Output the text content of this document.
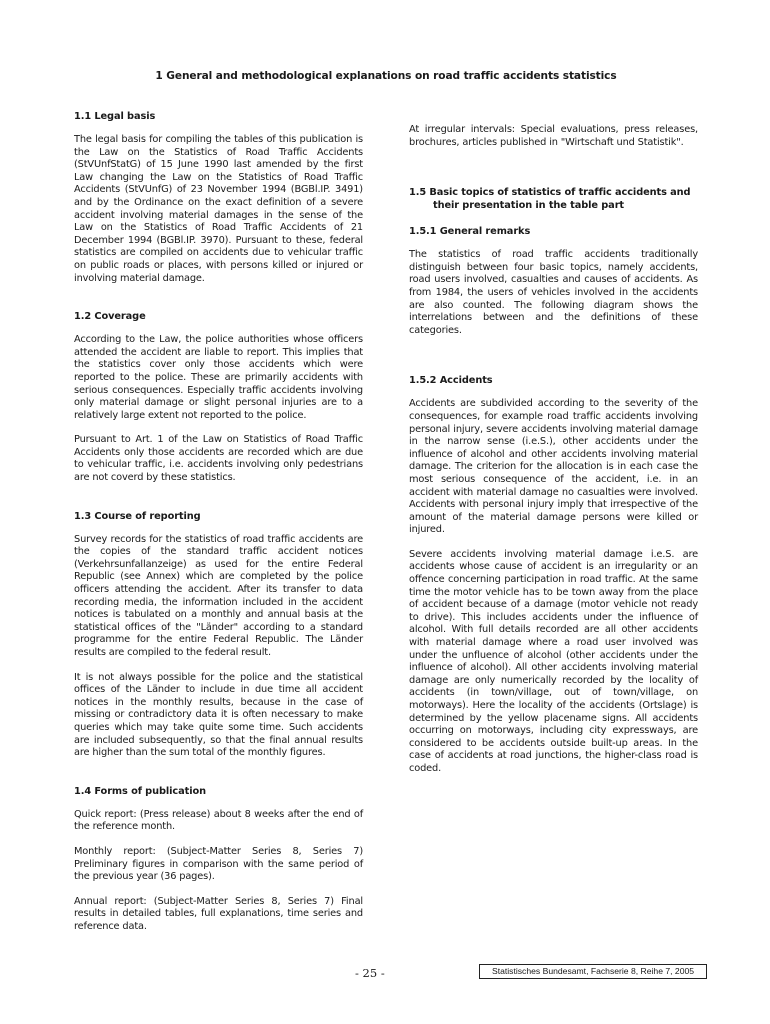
1 General and methodological explanations on road traffic accidents statistics
1.1 Legal basis

The legal basis for compiling the tables of this publication is the Law on the Statistics of Road Traffic Accidents (StVUnfStatG) of 15 June 1990 last amended by the first Law changing the Law on the Statistics of Road Traffic Accidents (StVUnfG) of 23 November 1994 (BGBl.IP. 3491) and by the Ordinance on the exact definition of a severe accident involving material damages in the sense of the Law on the Statistics of Road Traffic Accidents of 21 December 1994 (BGBl.IP. 3970). Pursuant to these, federal statistics are compiled on accidents due to vehicular traffic on public roads or places, with persons killed or injured or involving material damage.

1.2 Coverage

According to the Law, the police authorities whose officers attended the accident are liable to report. This implies that the statistics cover only those accidents which were reported to the police. These are primarily accidents with serious consequences. Especially traffic accidents involving only material damage or slight personal injuries are to a relatively large extent not reported to the police.

Pursuant to Art. 1 of the Law on Statistics of Road Traffic Accidents only those accidents are recorded which are due to vehicular traffic, i.e. accidents involving only pedestrians are not coverd by these statistics.

1.3 Course of reporting

Survey records for the statistics of road traffic accidents are the copies of the standard traffic accident notices (Verkehrsunfallanzeige) as used for the entire Federal Republic (see Annex) which are completed by the police officers attending the accident. After its transfer to data recording media, the information included in the accident notices is tabulated on a monthly and annual basis at the statistical offices of the "Länder" according to a standard programme for the entire Federal Republic. The Länder results are compiled to the federal result.

It is not always possible for the police and the statistical offices of the Länder to include in due time all accident notices in the monthly results, because in the case of missing or contradictory data it is often necessary to make queries which may take quite some time. Such accidents are included subsequently, so that the final annual results are higher than the sum total of the monthly figures.

1.4 Forms of publication

Quick report: (Press release) about 8 weeks after the end of the reference month.

Monthly report: (Subject-Matter Series 8, Series 7) Preliminary figures in comparison with the same period of the previous year (36 pages).

Annual report: (Subject-Matter Series 8, Series 7) Final results in detailed tables, full explanations, time series and reference data.

At irregular intervals: Special evaluations, press releases, brochures, articles published in "Wirtschaft und Statistik".

1.5 Basic topics of statistics of traffic accidents and their presentation in the table part
1.5.1 General remarks

The statistics of road traffic accidents traditionally distinguish between four basic topics, namely accidents, road users involved, casualties and causes of accidents. As from 1984, the users of vehicles involved in the accidents are also counted. The following diagram shows the interrelations between and the definitions of these categories.

1.5.2 Accidents

Accidents are subdivided according to the severity of the consequences, for example road traffic accidents involving personal injury, severe accidents involving material damage in the narrow sense (i.e.S.), other accidents under the influence of alcohol and other accidents involving material damage. The criterion for the allocation is in each case the most serious consequence of the accident, i.e. in an accident with material damage no casualties were involved. Accidents with personal injury imply that irrespective of the amount of the material damage persons were killed or injured.

Severe accidents involving material damage i.e.S. are accidents whose cause of accident is an irregularity or an offence concerning participation in road traffic. At the same time the motor vehicle has to be town away from the place of accident because of a damage (motor vehicle not ready to drive). This includes accidents under the influence of alcohol. With full details recorded are all other accidents with material damage where a road user involved was under the unfluence of alcohol (other accidents under the influence of alcohol). All other accidents involving material damage are only numerically recorded by the locality of accidents (in town/village, out of town/village, on motorways). Here the locality of the accidents (Ortslage) is determined by the yellow placename signs. All accidents occurring on motorways, including city expressways, are considered to be accidents outside built-up areas. In the case of accidents at road junctions, the higher-class road is coded.

- 25 -	Statistisches Bundesamt, Fachserie 8, Reihe 7, 2005
